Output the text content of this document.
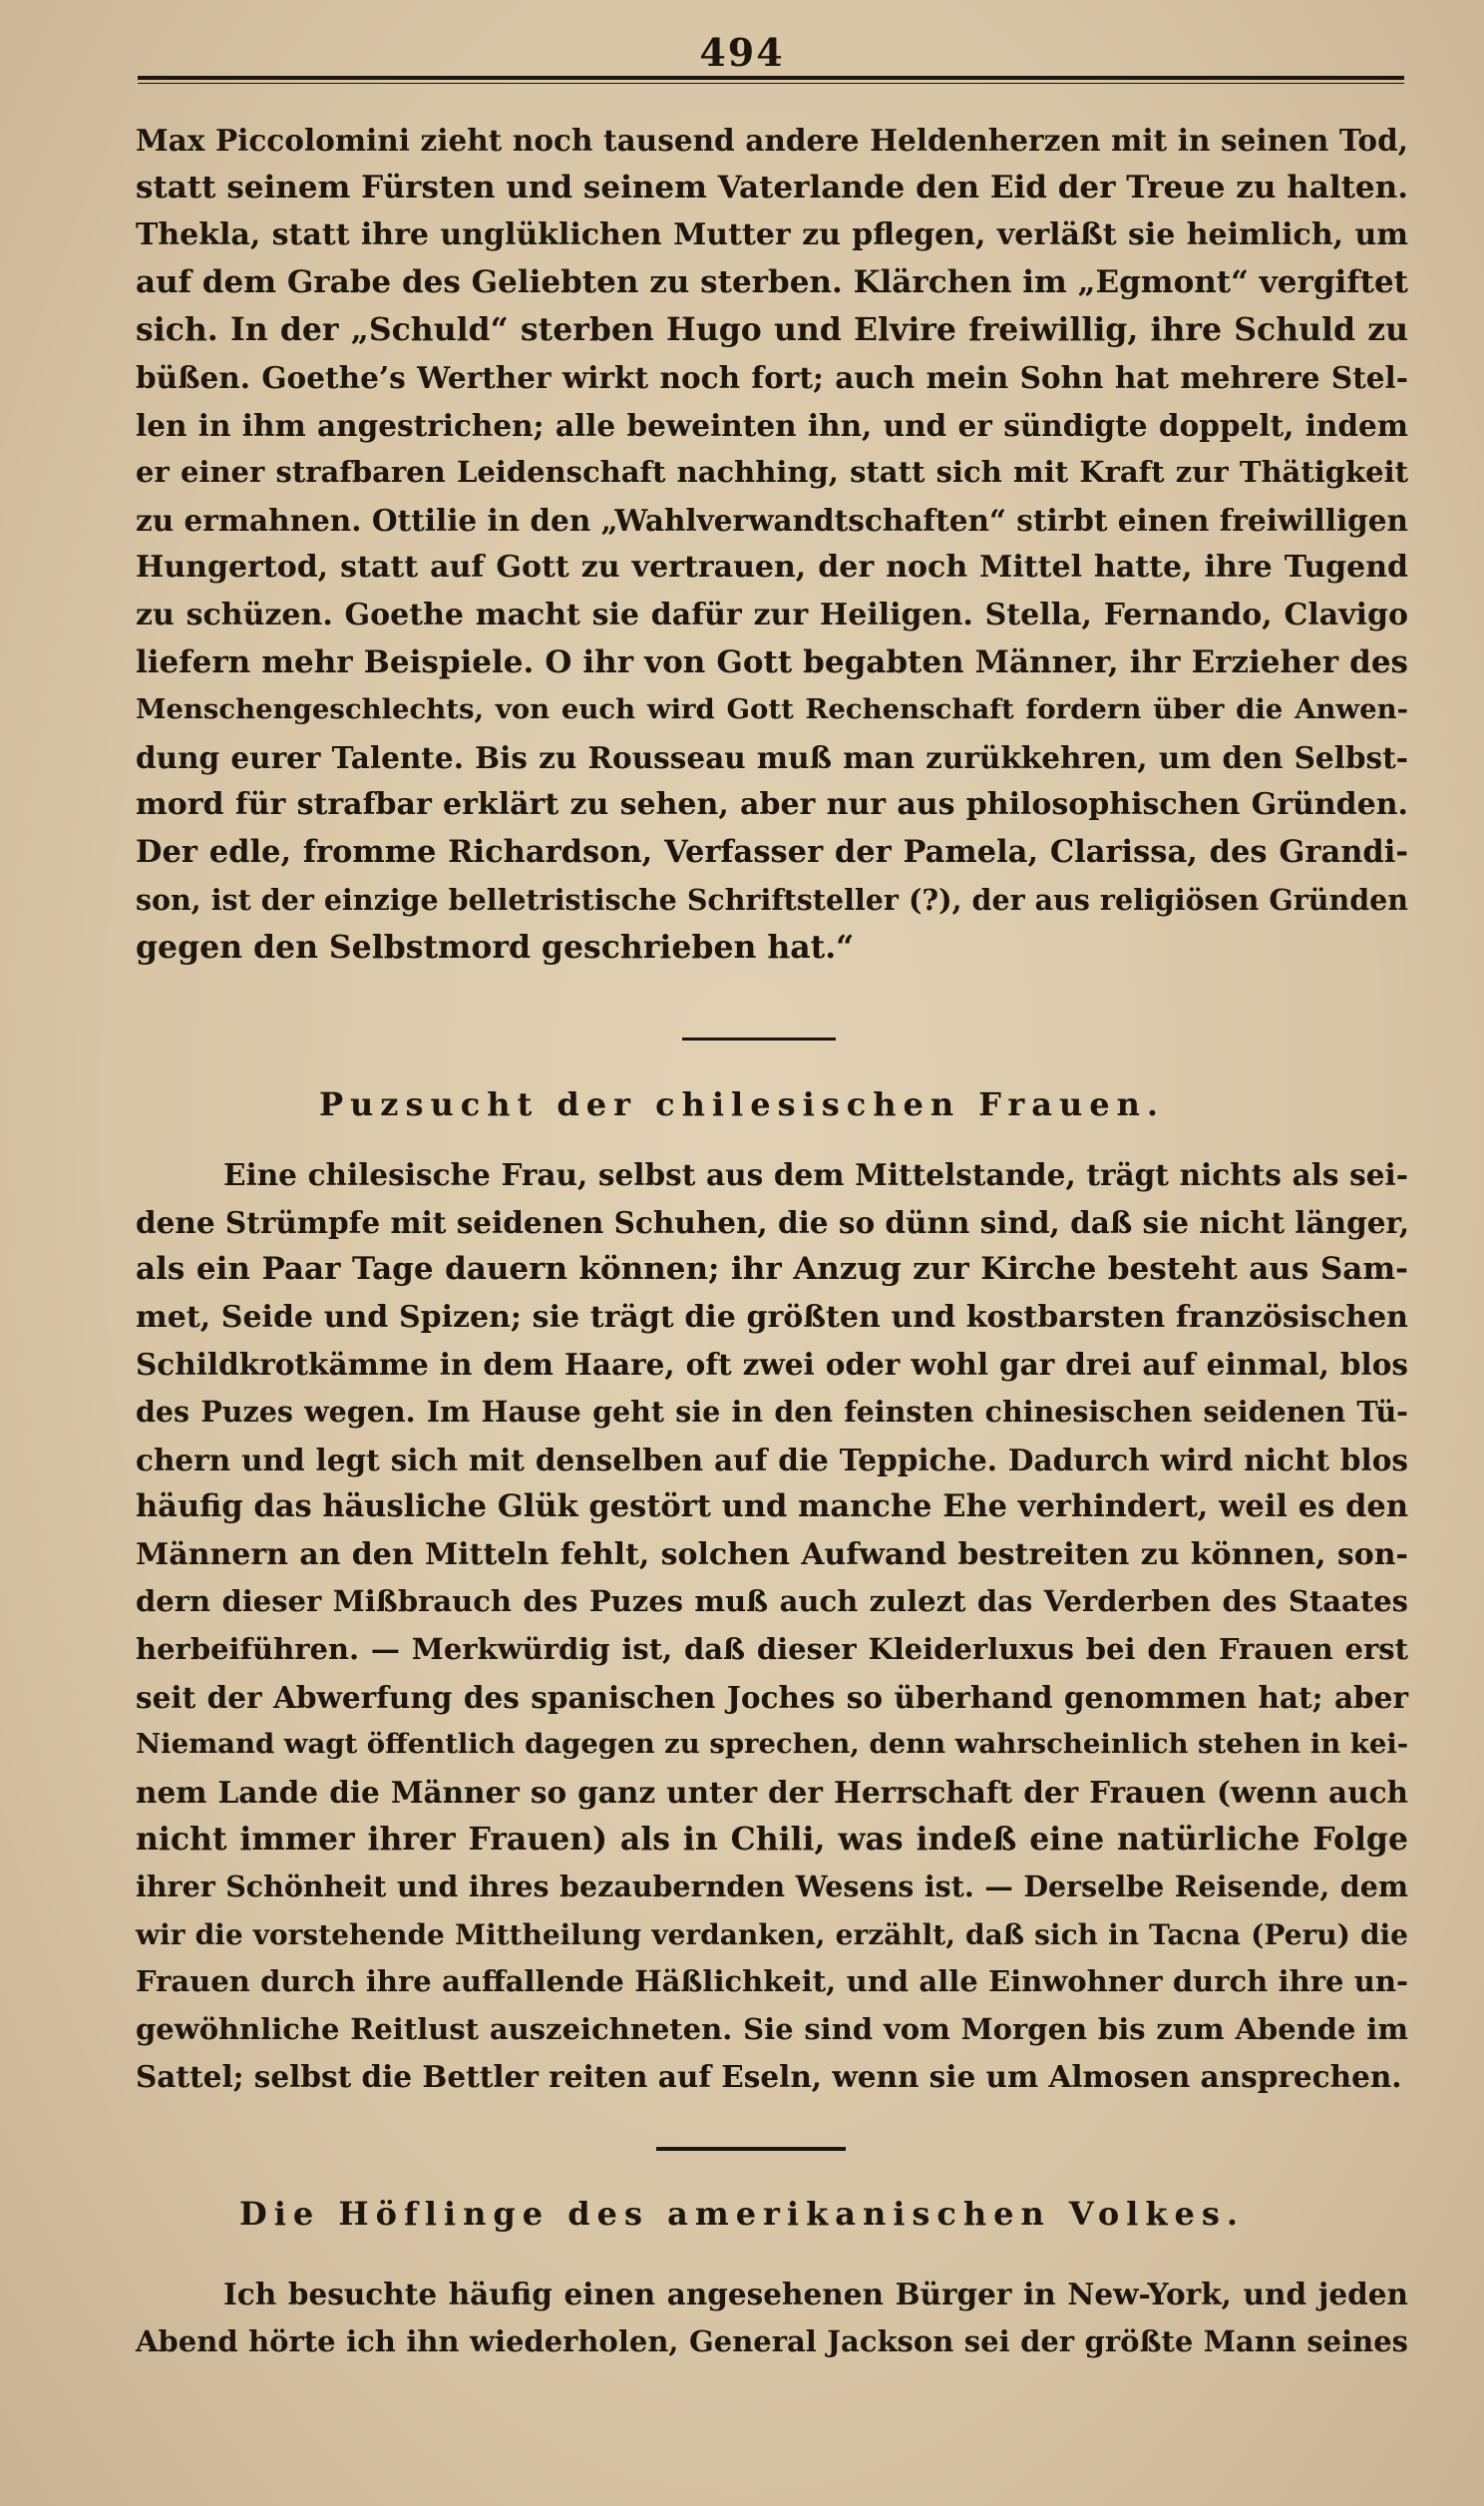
494
Max Piccolomini zieht noch tausend andere Heldenherzen mit in seinen Tod,
statt seinem Fürsten und seinem Vaterlande den Eid der Treue zu halten.
Thekla, statt ihre unglüklichen Mutter zu pflegen, verläßt sie heimlich, um
auf dem Grabe des Geliebten zu sterben. Klärchen im „Egmont“ vergiftet
sich. In der „Schuld“ sterben Hugo und Elvire freiwillig, ihre Schuld zu
büßen. Goethe’s Werther wirkt noch fort; auch mein Sohn hat mehrere Stel-
len in ihm angestrichen; alle beweinten ihn, und er sündigte doppelt, indem
er einer strafbaren Leidenschaft nachhing, statt sich mit Kraft zur Thätigkeit
zu ermahnen. Ottilie in den „Wahlverwandtschaften“ stirbt einen freiwilligen
Hungertod, statt auf Gott zu vertrauen, der noch Mittel hatte, ihre Tugend
zu schüzen. Goethe macht sie dafür zur Heiligen. Stella, Fernando, Clavigo
liefern mehr Beispiele. O ihr von Gott begabten Männer, ihr Erzieher des
Menschengeschlechts, von euch wird Gott Rechenschaft fordern über die Anwen-
dung eurer Talente. Bis zu Rousseau muß man zurükkehren, um den Selbst-
mord für strafbar erklärt zu sehen, aber nur aus philosophischen Gründen.
Der edle, fromme Richardson, Verfasser der Pamela, Clarissa, des Grandi-
son, ist der einzige belletristische Schriftsteller (?), der aus religiösen Gründen
gegen den Selbstmord geschrieben hat.“
Puzsucht der chilesischen Frauen.
Eine chilesische Frau, selbst aus dem Mittelstande, trägt nichts als sei-
dene Strümpfe mit seidenen Schuhen, die so dünn sind, daß sie nicht länger,
als ein Paar Tage dauern können; ihr Anzug zur Kirche besteht aus Sam-
met, Seide und Spizen; sie trägt die größten und kostbarsten französischen
Schildkrotkämme in dem Haare, oft zwei oder wohl gar drei auf einmal, blos
des Puzes wegen. Im Hause geht sie in den feinsten chinesischen seidenen Tü-
chern und legt sich mit denselben auf die Teppiche. Dadurch wird nicht blos
häufig das häusliche Glük gestört und manche Ehe verhindert, weil es den
Männern an den Mitteln fehlt, solchen Aufwand bestreiten zu können, son-
dern dieser Mißbrauch des Puzes muß auch zulezt das Verderben des Staates
herbeiführen. — Merkwürdig ist, daß dieser Kleiderluxus bei den Frauen erst
seit der Abwerfung des spanischen Joches so überhand genommen hat; aber
Niemand wagt öffentlich dagegen zu sprechen, denn wahrscheinlich stehen in kei-
nem Lande die Männer so ganz unter der Herrschaft der Frauen (wenn auch
nicht immer ihrer Frauen) als in Chili, was indeß eine natürliche Folge
ihrer Schönheit und ihres bezaubernden Wesens ist. — Derselbe Reisende, dem
wir die vorstehende Mittheilung verdanken, erzählt, daß sich in Tacna (Peru) die
Frauen durch ihre auffallende Häßlichkeit, und alle Einwohner durch ihre un-
gewöhnliche Reitlust auszeichneten. Sie sind vom Morgen bis zum Abende im
Sattel; selbst die Bettler reiten auf Eseln, wenn sie um Almosen ansprechen.
Die Höflinge des amerikanischen Volkes.
Ich besuchte häufig einen angesehenen Bürger in New-York, und jeden
Abend hörte ich ihn wiederholen, General Jackson sei der größte Mann seines
